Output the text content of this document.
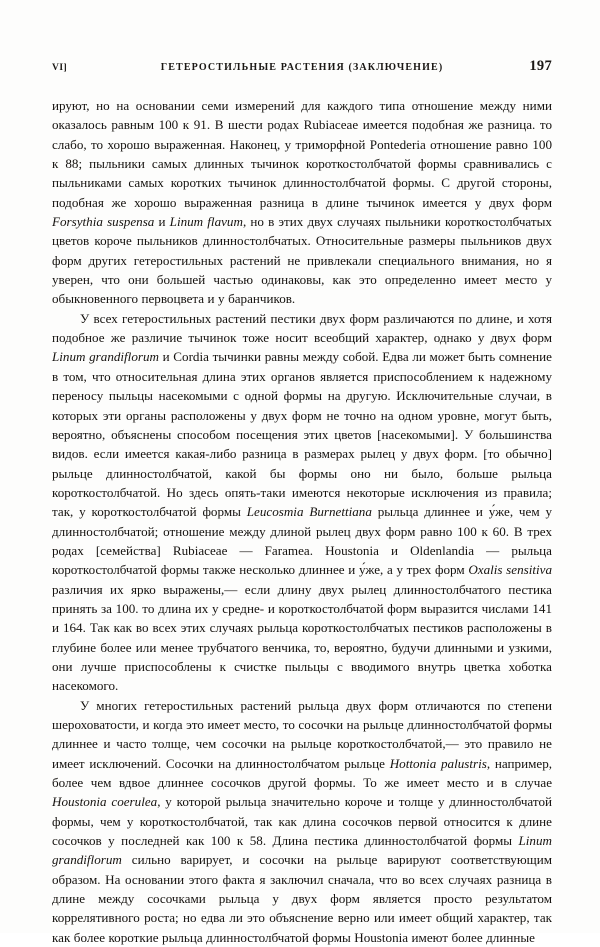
VI]	ГЕТЕРОСТИЛЬНЫЕ РАСТЕНИЯ (ЗАКЛЮЧЕНИЕ)	197

ируют, но на основании семи измерений для каждого типа отношение между ними оказалось равным 100 к 91. В шести родах Rubiaceae имеется подобная же разница. то слабо, то хорошо выраженная. Наконец, у триморфной Pontederia отношение равно 100 к 88; пыльники самых длинных тычинок короткостолбчатой формы сравнивались с пыльниками самых коротких тычинок длинностолбчатой формы. С другой стороны, подобная же хорошо выраженная разница в длине тычинок имеется у двух форм Forsythia suspensa и Linum flavum, но в этих двух случаях пыльники короткостолбчатых цветов короче пыльников длинностолбчатых. Относительные размеры пыльников двух форм других гетеростильных растений не привлекали специального внимания, но я уверен, что они большей частью одинаковы, как это определенно имеет место у обыкновенного первоцвета и у баранчиков.

У всех гетеростильных растений пестики двух форм различаются по длине, и хотя подобное же различие тычинок тоже носит всеобщий характер, однако у двух форм Linum grandiflorum и Cordia тычинки равны между собой. Едва ли может быть сомнение в том, что относительная длина этих органов является приспособлением к надежному переносу пыльцы насекомыми с одной формы на другую. Исключительные случаи, в которых эти органы расположены у двух форм не точно на одном уровне, могут быть, вероятно, объяснены способом посещения этих цветов [насекомыми]. У большинства видов. если имеется какая-либо разница в размерах рылец у двух форм. [то обычно] рыльце длинностолбчатой, какой бы формы оно ни было, больше рыльца короткостолбчатой. Но здесь опять-таки имеются некоторые исключения из правила; так, у короткостолбчатой формы Leucosmia Burnettiana рыльца длиннее и у́же, чем у длинностолбчатой; отношение между длиной рылец двух форм равно 100 к 60. В трех родах [семейства] Rubiaceae — Faramea. Houstonia и Oldenlandia — рыльца короткостолбчатой формы также несколько длиннее и у́же, а у трех форм Oxalis sensitiva различия их ярко выражены,— если длину двух рылец длинностолбчатого пестика принять за 100. то длина их у средне- и короткостолбчатой форм выразится числами 141 и 164. Так как во всех этих случаях рыльца короткостолбчатых пестиков расположены в глубине более или менее трубчатого венчика, то, вероятно, будучи длинными и узкими, они лучше приспособлены к счистке пыльцы с вводимого внутрь цветка хоботка насекомого.

У многих гетеростильных растений рыльца двух форм отличаются по степени шероховатости, и когда это имеет место, то сосочки на рыльце длинностолбчатой формы длиннее и часто толще, чем сосочки на рыльце короткостолбчатой,— это правило не имеет исключений. Сосочки на длинностолбчатом рыльце Hottonia palustris, например, более чем вдвое длиннее сосочков другой формы. То же имеет место и в случае Houstonia coerulea, у которой рыльца значительно короче и толще у длинностолбчатой формы, чем у короткостолбчатой, так как длина сосочков первой относится к длине сосочков у последней как 100 к 58. Длина пестика длинностолбчатой формы Linum grandiflorum сильно варирует, и сосочки на рыльце варируют соответствующим образом. На основании этого факта я заключил сначала, что во всех случаях разница в длине между сосочками рыльца у двух форм является просто результатом коррелятивного роста; но едва ли это объяснение верно или имеет общий характер, так как более короткие рыльца длинностолбчатой формы Houstonia имеют более длинные
